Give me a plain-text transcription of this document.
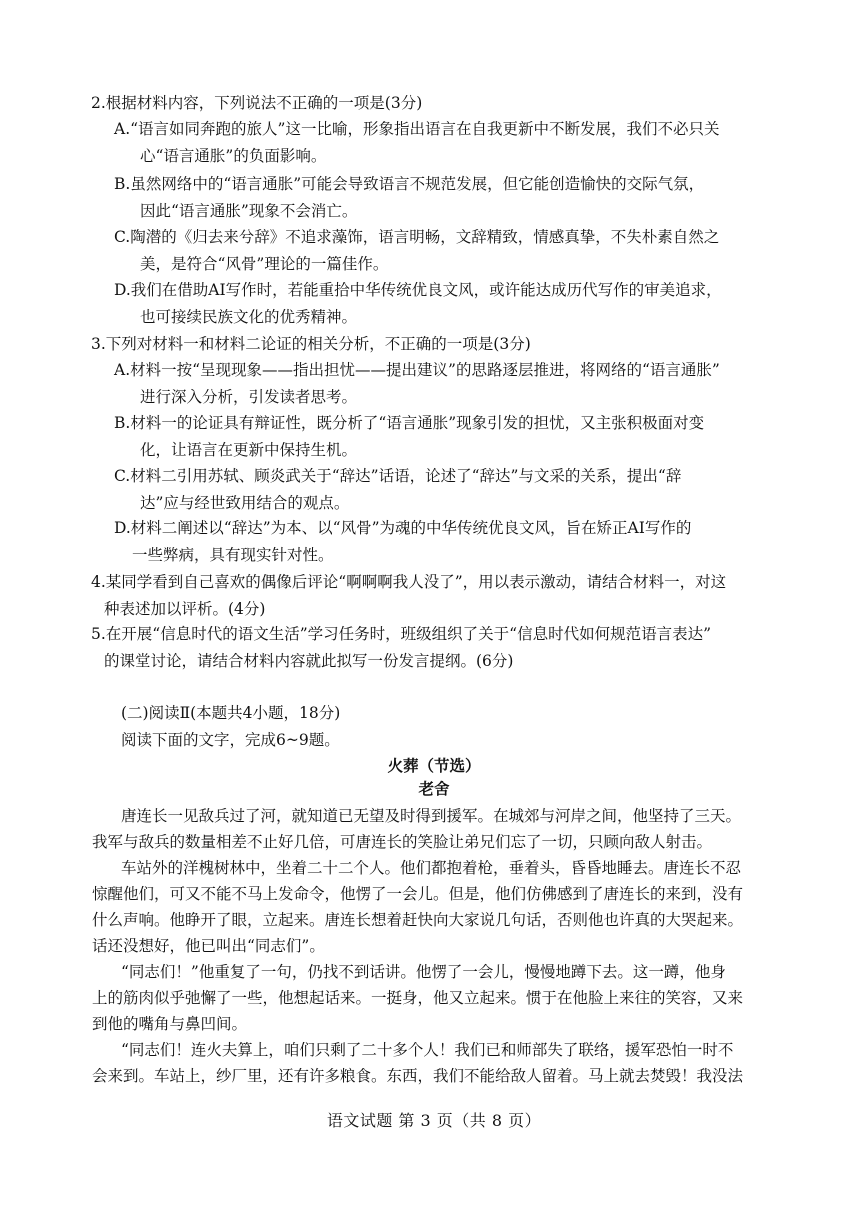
2.根据材料内容，下列说法不正确的一项是(3分)
A.“语言如同奔跑的旅人”这一比喻，形象指出语言在自我更新中不断发展，我们不必只关
心“语言通胀”的负面影响。
B.虽然网络中的“语言通胀”可能会导致语言不规范发展，但它能创造愉快的交际气氛，
因此“语言通胀”现象不会消亡。
C.陶潜的《归去来兮辞》不追求藻饰，语言明畅，文辞精致，情感真挚，不失朴素自然之
美，是符合“风骨”理论的一篇佳作。
D.我们在借助AI写作时，若能重拾中华传统优良文风，或许能达成历代写作的审美追求，
也可接续民族文化的优秀精神。
3.下列对材料一和材料二论证的相关分析，不正确的一项是(3分)
A.材料一按“呈现现象——指出担忧——提出建议”的思路逐层推进，将网络的“语言通胀”
进行深入分析，引发读者思考。
B.材料一的论证具有辩证性，既分析了“语言通胀”现象引发的担忧，又主张积极面对变
化，让语言在更新中保持生机。
C.材料二引用苏轼、顾炎武关于“辞达”话语，论述了“辞达”与文采的关系，提出“辞
达”应与经世致用结合的观点。
D.材料二阐述以“辞达”为本、以“风骨”为魂的中华传统优良文风，旨在矫正AI写作的
一些弊病，具有现实针对性。
4.某同学看到自己喜欢的偶像后评论“啊啊啊我人没了”，用以表示激动，请结合材料一，对这
种表述加以评析。(4分)
5.在开展“信息时代的语文生活”学习任务时，班级组织了关于“信息时代如何规范语言表达”
的课堂讨论，请结合材料内容就此拟写一份发言提纲。(6分)
(二)阅读Ⅱ(本题共4小题，18分)
阅读下面的文字，完成6~9题。
火葬（节选）
老舍
唐连长一见敌兵过了河，就知道已无望及时得到援军。在城郊与河岸之间，他坚持了三天。
我军与敌兵的数量相差不止好几倍，可唐连长的笑脸让弟兄们忘了一切，只顾向敌人射击。
车站外的洋槐树林中，坐着二十二个人。他们都抱着枪，垂着头，昏昏地睡去。唐连长不忍
惊醒他们，可又不能不马上发命令，他愣了一会儿。但是，他们仿佛感到了唐连长的来到，没有
什么声响。他睁开了眼，立起来。唐连长想着赶快向大家说几句话，否则他也许真的大哭起来。
话还没想好，他已叫出“同志们”。
“同志们！”他重复了一句，仍找不到话讲。他愣了一会儿，慢慢地蹲下去。这一蹲，他身
上的筋肉似乎弛懈了一些，他想起话来。一挺身，他又立起来。惯于在他脸上来往的笑容，又来
到他的嘴角与鼻凹间。
“同志们！连火夫算上，咱们只剩了二十多个人！我们已和师部失了联络，援军恐怕一时不
会来到。车站上，纱厂里，还有许多粮食。东西，我们不能给敌人留着。马上就去焚毁！我没法
语文试题 第 3 页（共 8 页）
